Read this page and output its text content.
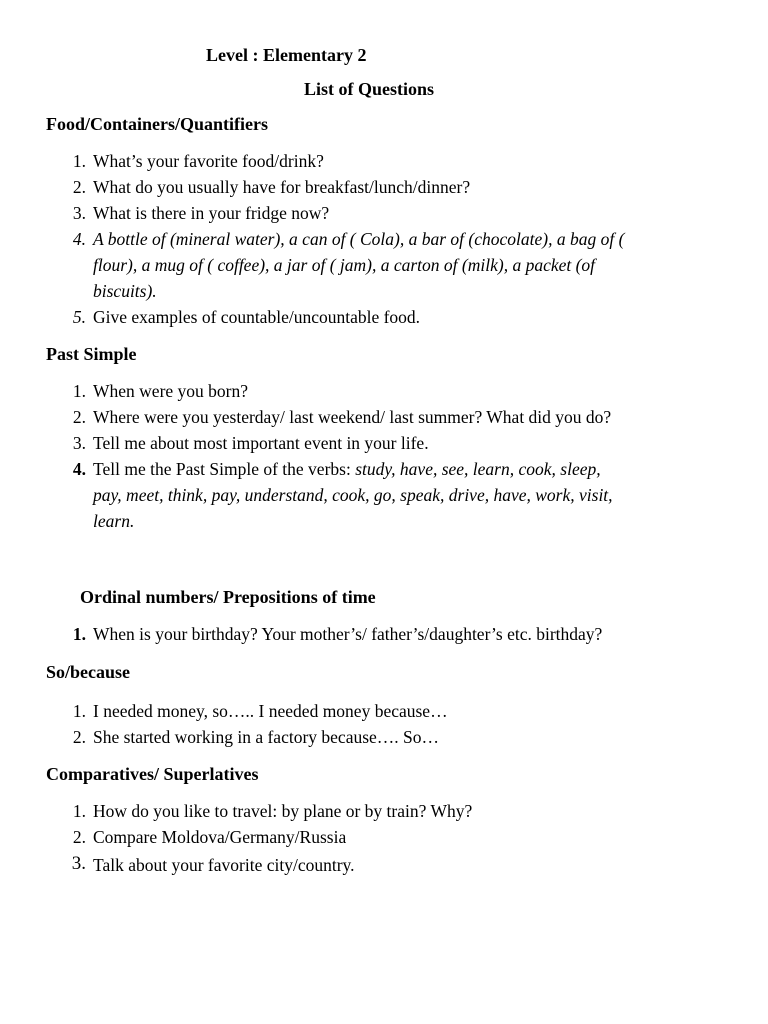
Level : Elementary 2
List of Questions
Food/Containers/Quantifiers
1. What’s your favorite food/drink?
2. What do you usually have for breakfast/lunch/dinner?
3. What is there in your fridge now?
4. A bottle of (mineral water), a can of ( Cola), a bar of (chocolate), a bag of (
flour), a mug of ( coffee), a jar of ( jam), a carton of (milk), a packet (of
biscuits).
5. Give examples of countable/uncountable food.
Past Simple
1. When were you born?
2. Where were you yesterday/ last weekend/ last summer? What did you do?
3. Tell me about most important event in your life.
4. Tell me the Past Simple of the verbs: study, have, see, learn, cook, sleep,
pay, meet, think, pay, understand, cook, go, speak, drive, have, work, visit,
learn.
Ordinal numbers/ Prepositions of time
1. When is your birthday? Your mother’s/ father’s/daughter’s etc. birthday?
So/because
1. I needed money, so….. I needed money because…
2. She started working in a factory because…. So…
Comparatives/ Superlatives
1. How do you like to travel: by plane or by train? Why?
2. Compare Moldova/Germany/Russia
3. Talk about your favorite city/country.
